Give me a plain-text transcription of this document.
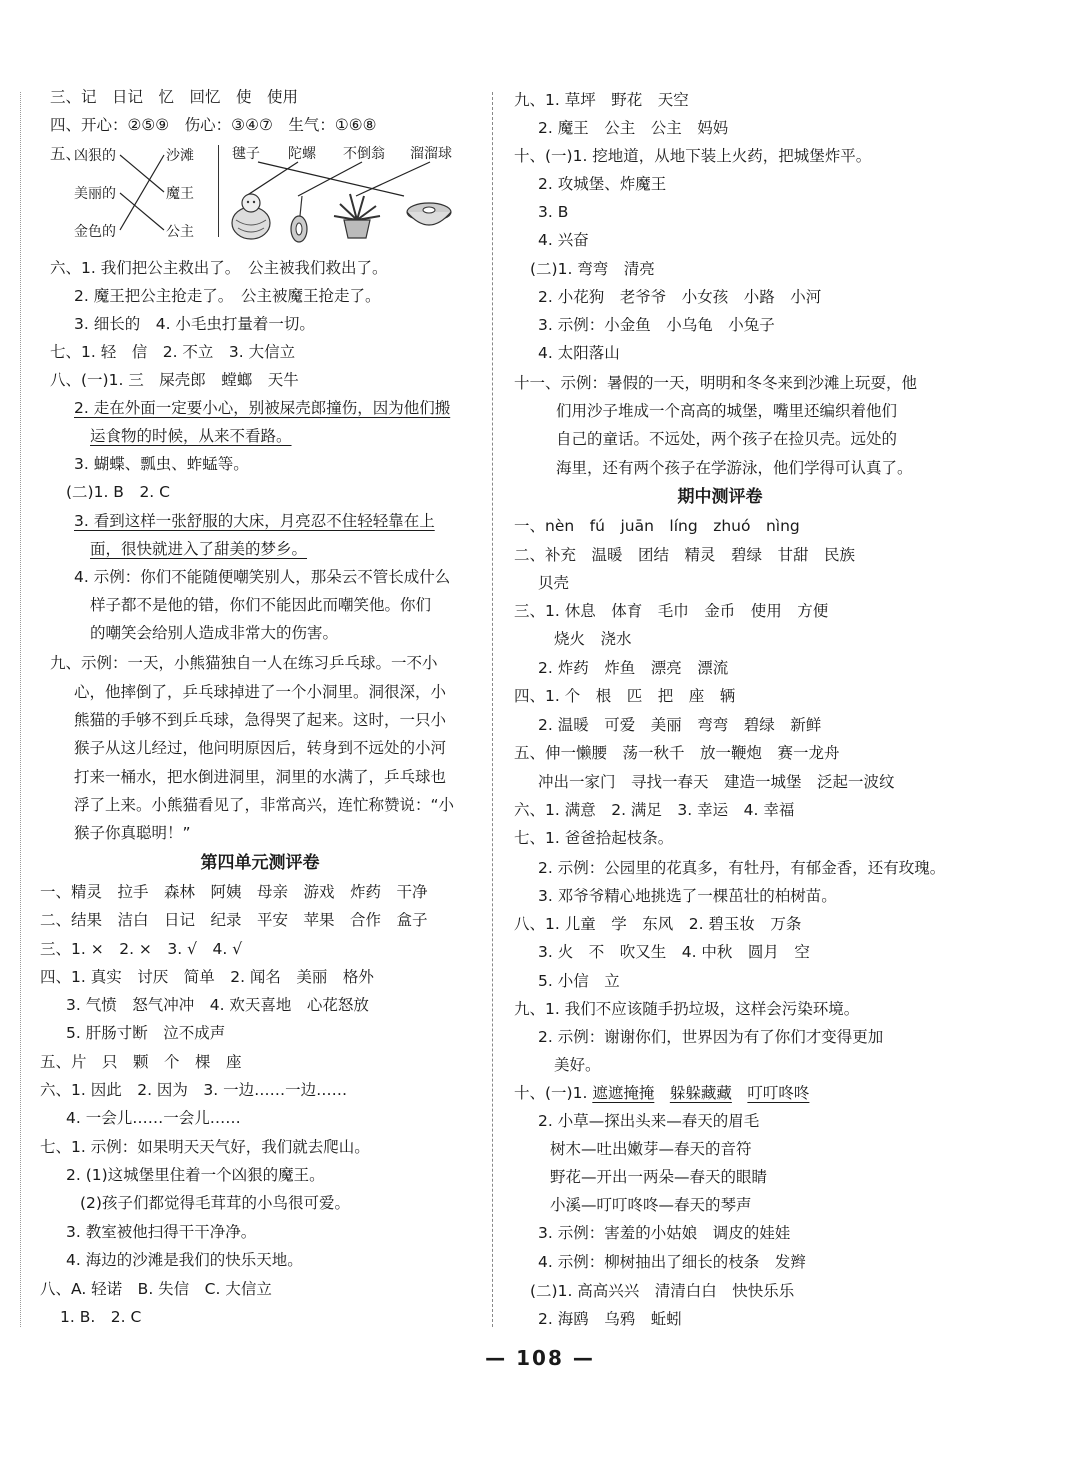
三、记　日记　忆　回忆　使　使用
四、开心：②⑤⑨　伤心：③④⑦　生气：①⑥⑧
五、
凶狠的
美丽的
金色的
沙滩
魔王
公主
毽子 陀螺 不倒翁 溜溜球
六、1. 我们把公主救出了。　公主被我们救出了。
2. 魔王把公主抢走了。　公主被魔王抢走了。
3. 细长的　4. 小毛虫打量着一切。
七、1. 轻　信　2. 不立　3. 大信立
八、(一)1. 三　屎壳郎　螳螂　天牛
2. 走在外面一定要小心，别被屎壳郎撞伤，因为他们搬
运食物的时候，从来不看路。
3. 蝴蝶、瓢虫、蚱蜢等。
(二)1. B　2. C
3. 看到这样一张舒服的大床，月亮忍不住轻轻靠在上
面，很快就进入了甜美的梦乡。
4. 示例：你们不能随便嘲笑别人，那朵云不管长成什么
样子都不是他的错，你们不能因此而嘲笑他。你们
的嘲笑会给别人造成非常大的伤害。
九、示例：一天，小熊猫独自一人在练习乒乓球。一不小
心，他摔倒了，乒乓球掉进了一个小洞里。洞很深，小
熊猫的手够不到乒乓球，急得哭了起来。这时，一只小
猴子从这儿经过，他问明原因后，转身到不远处的小河
打来一桶水，把水倒进洞里，洞里的水满了，乒乓球也
浮了上来。小熊猫看见了，非常高兴，连忙称赞说：“小
猴子你真聪明！”
第四单元测评卷
一、精灵　拉手　森林　阿姨　母亲　游戏　炸药　干净
二、结果　洁白　日记　纪录　平安　苹果　合作　盒子
三、1. ×　2. ×　3. √　4. √
四、1. 真实　讨厌　简单　2. 闻名　美丽　格外
3. 气愤　怒气冲冲　4. 欢天喜地　心花怒放
5. 肝肠寸断　泣不成声
五、片　只　颗　个　棵　座
六、1. 因此　2. 因为　3. 一边……一边……
4. 一会儿……一会儿……
七、1. 示例：如果明天天气好，我们就去爬山。
2. (1)这城堡里住着一个凶狠的魔王。
(2)孩子们都觉得毛茸茸的小鸟很可爱。
3. 教室被他扫得干干净净。
4. 海边的沙滩是我们的快乐天地。
八、A. 轻诺　B. 失信　C. 大信立
1. B.　2. C
九、1. 草坪　野花　天空
2. 魔王　公主　公主　妈妈
十、(一)1. 挖地道，从地下装上火药，把城堡炸平。
2. 攻城堡、炸魔王
3. B
4. 兴奋
(二)1. 弯弯　清亮
2. 小花狗　老爷爷　小女孩　小路　小河
3. 示例：小金鱼　小乌龟　小兔子
4. 太阳落山
十一、示例：暑假的一天，明明和冬冬来到沙滩上玩耍，他
们用沙子堆成一个高高的城堡，嘴里还编织着他们
自己的童话。不远处，两个孩子在捡贝壳。远处的
海里，还有两个孩子在学游泳，他们学得可认真了。
期中测评卷
一、nèn　fú　juān　líng　zhuó　nìng
二、补充　温暖　团结　精灵　碧绿　甘甜　民族
贝壳
三、1. 休息　体育　毛巾　金币　使用　方便
烧火　浇水
2. 炸药　炸鱼　漂亮　漂流
四、1. 个　根　匹　把　座　辆
2. 温暖　可爱　美丽　弯弯　碧绿　新鲜
五、伸一懒腰　荡一秋千　放一鞭炮　赛一龙舟
冲出一家门　寻找一春天　建造一城堡　泛起一波纹
六、1. 满意　2. 满足　3. 幸运　4. 幸福
七、1. 爸爸拾起枝条。
2. 示例：公园里的花真多，有牡丹，有郁金香，还有玫瑰。
3. 邓爷爷精心地挑选了一棵茁壮的柏树苗。
八、1. 儿童　学　东风　2. 碧玉妆　万条
3. 火　不　吹又生　4. 中秋　圆月　空
5. 小信　立
九、1. 我们不应该随手扔垃圾，这样会污染环境。
2. 示例：谢谢你们，世界因为有了你们才变得更加
美好。
十、(一)1. 遮遮掩掩　 躲躲藏藏　 叮叮咚咚
2. 小草—探出头来—春天的眉毛
树木—吐出嫩芽—春天的音符
野花—开出一两朵—春天的眼睛
小溪—叮叮咚咚—春天的琴声
3. 示例：害羞的小姑娘　调皮的娃娃
4. 示例：柳树抽出了细长的枝条　发辫
(二)1. 高高兴兴　清清白白　快快乐乐
2. 海鸥　乌鸦　蚯蚓
— 108 —
